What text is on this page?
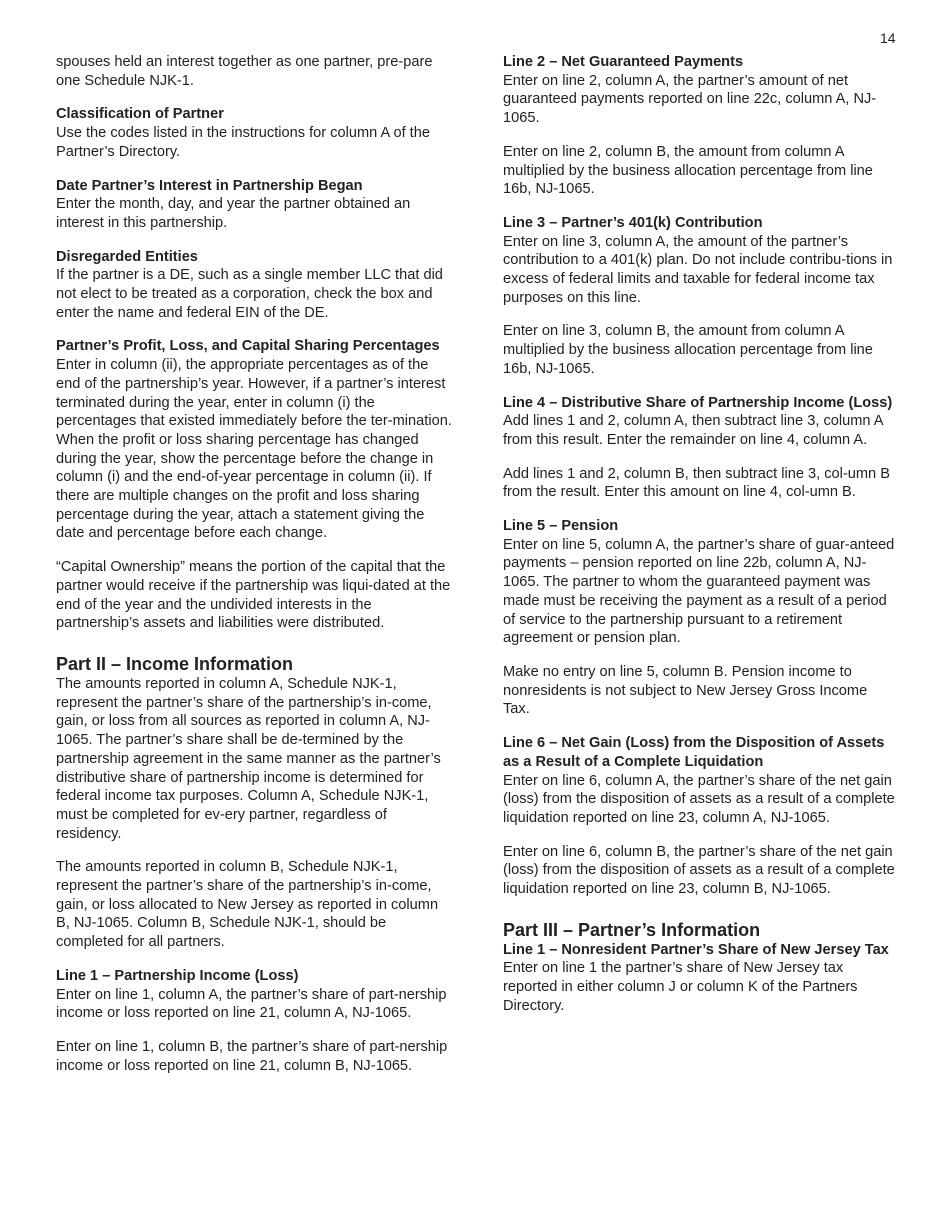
14

spouses held an interest together as one partner, pre-pare one Schedule NJK-1.

Classification of Partner

Use the codes listed in the instructions for column A of the Partner’s Directory.

Date Partner’s Interest in Partnership Began

Enter the month, day, and year the partner obtained an interest in this partnership.

Disregarded Entities

If the partner is a DE, such as a single member LLC that did not elect to be treated as a corporation, check the box and enter the name and federal EIN of the DE.

Partner’s Profit, Loss, and Capital Sharing Percentages

Enter in column (ii), the appropriate percentages as of the end of the partnership’s year. However, if a partner’s interest terminated during the year, enter in column (i) the percentages that existed immediately before the ter-mination. When the profit or loss sharing percentage has changed during the year, show the percentage before the change in column (i) and the end-of-year percentage in column (ii). If there are multiple changes on the profit and loss sharing percentage during the year, attach a statement giving the date and percentage before each change.

“Capital Ownership” means the portion of the capital that the partner would receive if the partnership was liqui-dated at the end of the year and the undivided interests in the partnership’s assets and liabilities were distributed.

Part II – Income Information

The amounts reported in column A, Schedule NJK-1, represent the partner’s share of the partnership’s in-come, gain, or loss from all sources as reported in column A, NJ-1065. The partner’s share shall be de-termined by the partnership agreement in the same manner as the partner’s distributive share of partnership income is determined for federal income tax purposes. Column A, Schedule NJK-1, must be completed for ev-ery partner, regardless of residency.

The amounts reported in column B, Schedule NJK-1, represent the partner’s share of the partnership’s in-come, gain, or loss allocated to New Jersey as reported in column B, NJ-1065. Column B, Schedule NJK-1, should be completed for all partners.

Line 1 – Partnership Income (Loss)

Enter on line 1, column A, the partner’s share of part-nership income or loss reported on line 21, column A, NJ-1065.

Enter on line 1, column B, the partner’s share of part-nership income or loss reported on line 21, column B, NJ-1065.

Line 2 – Net Guaranteed Payments

Enter on line 2, column A, the partner’s amount of net guaranteed payments reported on line 22c, column A, NJ-1065.

Enter on line 2, column B, the amount from column A multiplied by the business allocation percentage from line 16b, NJ-1065.

Line 3 – Partner’s 401(k) Contribution

Enter on line 3, column A, the amount of the partner’s contribution to a 401(k) plan. Do not include contribu-tions in excess of federal limits and taxable for federal income tax purposes on this line.

Enter on line 3, column B, the amount from column A multiplied by the business allocation percentage from line 16b, NJ-1065.

Line 4 – Distributive Share of Partnership Income (Loss)

Add lines 1 and 2, column A, then subtract line 3, column A from this result. Enter the remainder on line 4, column A.

Add lines 1 and 2, column B, then subtract line 3, col-umn B from the result. Enter this amount on line 4, col-umn B.

Line 5 – Pension

Enter on line 5, column A, the partner’s share of guar-anteed payments – pension reported on line 22b, column A, NJ-1065. The partner to whom the guaranteed payment was made must be receiving the payment as a result of a period of service to the partnership pursuant to a retirement agreement or pension plan.

Make no entry on line 5, column B. Pension income to nonresidents is not subject to New Jersey Gross Income Tax.

Line 6 – Net Gain (Loss) from the Disposition of Assets as a Result of a Complete Liquidation

Enter on line 6, column A, the partner’s share of the net gain (loss) from the disposition of assets as a result of a complete liquidation reported on line 23, column A, NJ-1065.

Enter on line 6, column B, the partner’s share of the net gain (loss) from the disposition of assets as a result of a complete liquidation reported on line 23, column B, NJ-1065.

Part III – Partner’s Information

Line 1 – Nonresident Partner’s Share of New Jersey Tax

Enter on line 1 the partner’s share of New Jersey tax reported in either column J or column K of the Partners Directory.
